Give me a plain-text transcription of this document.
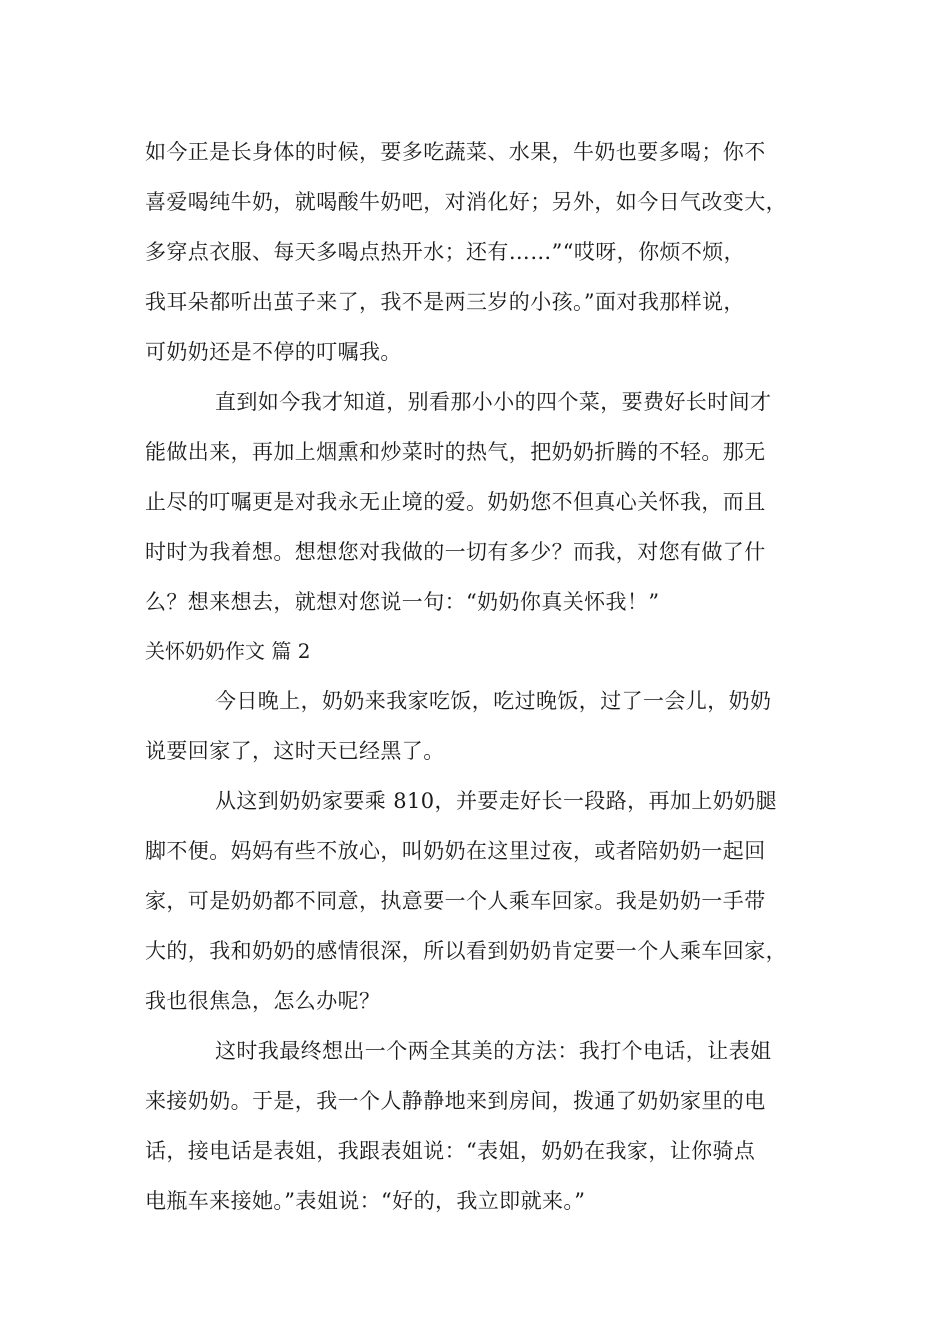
如今正是长身体的时候，要多吃蔬菜、水果，牛奶也要多喝；你不
喜爱喝纯牛奶，就喝酸牛奶吧，对消化好；另外，如今日气改变大，
多穿点衣服、每天多喝点热开水；还有……”“哎呀，你烦不烦，
我耳朵都听出茧子来了，我不是两三岁的小孩。”面对我那样说，
可奶奶还是不停的叮嘱我。
直到如今我才知道，别看那小小的四个菜，要费好长时间才
能做出来，再加上烟熏和炒菜时的热气，把奶奶折腾的不轻。那无
止尽的叮嘱更是对我永无止境的爱。奶奶您不但真心关怀我，而且
时时为我着想。想想您对我做的一切有多少？而我，对您有做了什
么？想来想去，就想对您说一句：“奶奶你真关怀我！”
关怀奶奶作文 篇 2
今日晚上，奶奶来我家吃饭，吃过晚饭，过了一会儿，奶奶
说要回家了，这时天已经黑了。
从这到奶奶家要乘 810，并要走好长一段路，再加上奶奶腿
脚不便。妈妈有些不放心，叫奶奶在这里过夜，或者陪奶奶一起回
家，可是奶奶都不同意，执意要一个人乘车回家。我是奶奶一手带
大的，我和奶奶的感情很深，所以看到奶奶肯定要一个人乘车回家，
我也很焦急，怎么办呢？
这时我最终想出一个两全其美的方法：我打个电话，让表姐
来接奶奶。于是，我一个人静静地来到房间，拨通了奶奶家里的电
话，接电话是表姐，我跟表姐说：“表姐，奶奶在我家，让你骑点
电瓶车来接她。”表姐说：“好的，我立即就来。”
